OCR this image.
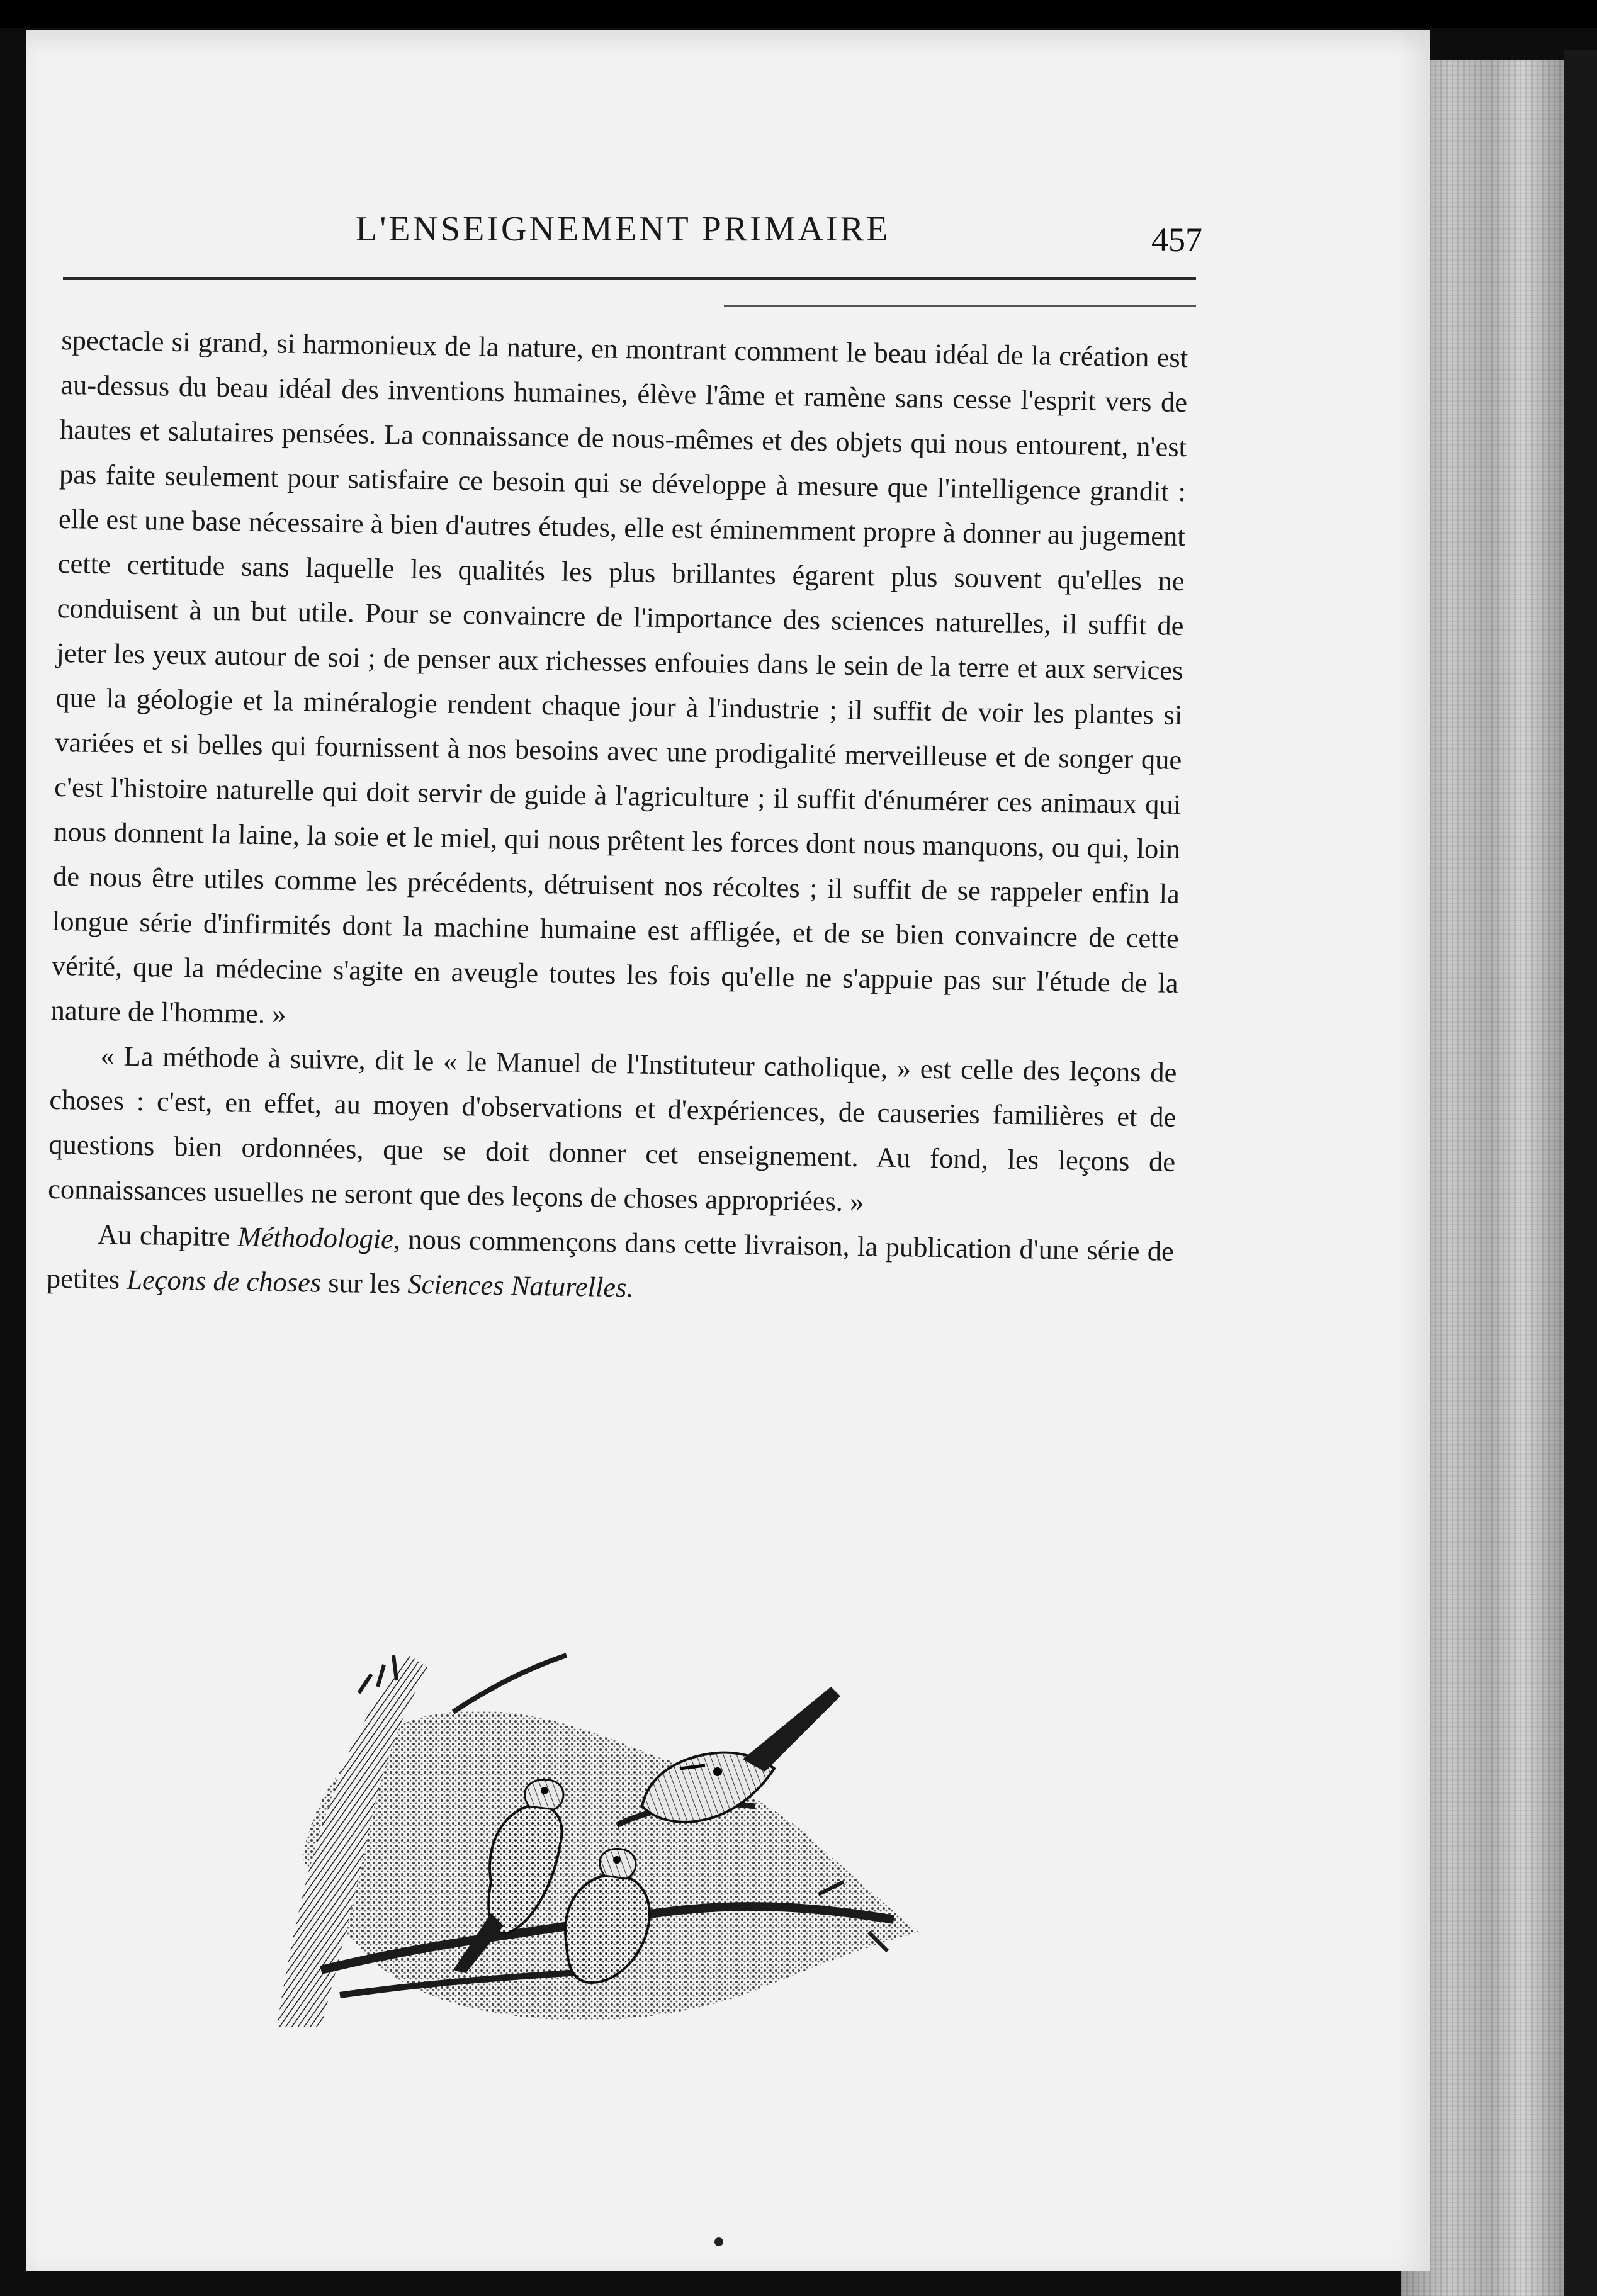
L'ENSEIGNEMENT PRIMAIRE	457

spectacle si grand, si harmonieux de la nature, en montrant comment le beau idéal de la création est au-dessus du beau idéal des inventions humaines, élève l'âme et ramène sans cesse l'esprit vers de hautes et salutaires pensées. La connaissance de nous-mêmes et des objets qui nous entourent, n'est pas faite seulement pour satisfaire ce besoin qui se développe à mesure que l'intelligence grandit : elle est une base nécessaire à bien d'autres études, elle est éminemment propre à donner au jugement cette certitude sans laquelle les qualités les plus brillantes égarent plus souvent qu'elles ne conduisent à un but utile. Pour se convaincre de l'importance des sciences naturelles, il suffit de jeter les yeux autour de soi ; de penser aux richesses enfouies dans le sein de la terre et aux services que la géologie et la minéralogie rendent chaque jour à l'industrie ; il suffit de voir les plantes si variées et si belles qui fournissent à nos besoins avec une prodigalité merveilleuse et de songer que c'est l'histoire naturelle qui doit servir de guide à l'agriculture ; il suffit d'énumérer ces animaux qui nous donnent la laine, la soie et le miel, qui nous prêtent les forces dont nous manquons, ou qui, loin de nous être utiles comme les précédents, détruisent nos récoltes ; il suffit de se rappeler enfin la longue série d'infirmités dont la machine humaine est affligée, et de se bien convaincre de cette vérité, que la médecine s'agite en aveugle toutes les fois qu'elle ne s'appuie pas sur l'étude de la nature de l'homme. »

« La méthode à suivre, dit le « le Manuel de l'Instituteur catholique, » est celle des leçons de choses : c'est, en effet, au moyen d'observations et d'expériences, de causeries familières et de questions bien ordonnées, que se doit donner cet enseignement. Au fond, les leçons de connaissances usuelles ne seront que des leçons de choses appropriées. »

Au chapitre Méthodologie, nous commençons dans cette livraison, la publication d'une série de petites Leçons de choses sur les Sciences Naturelles.
